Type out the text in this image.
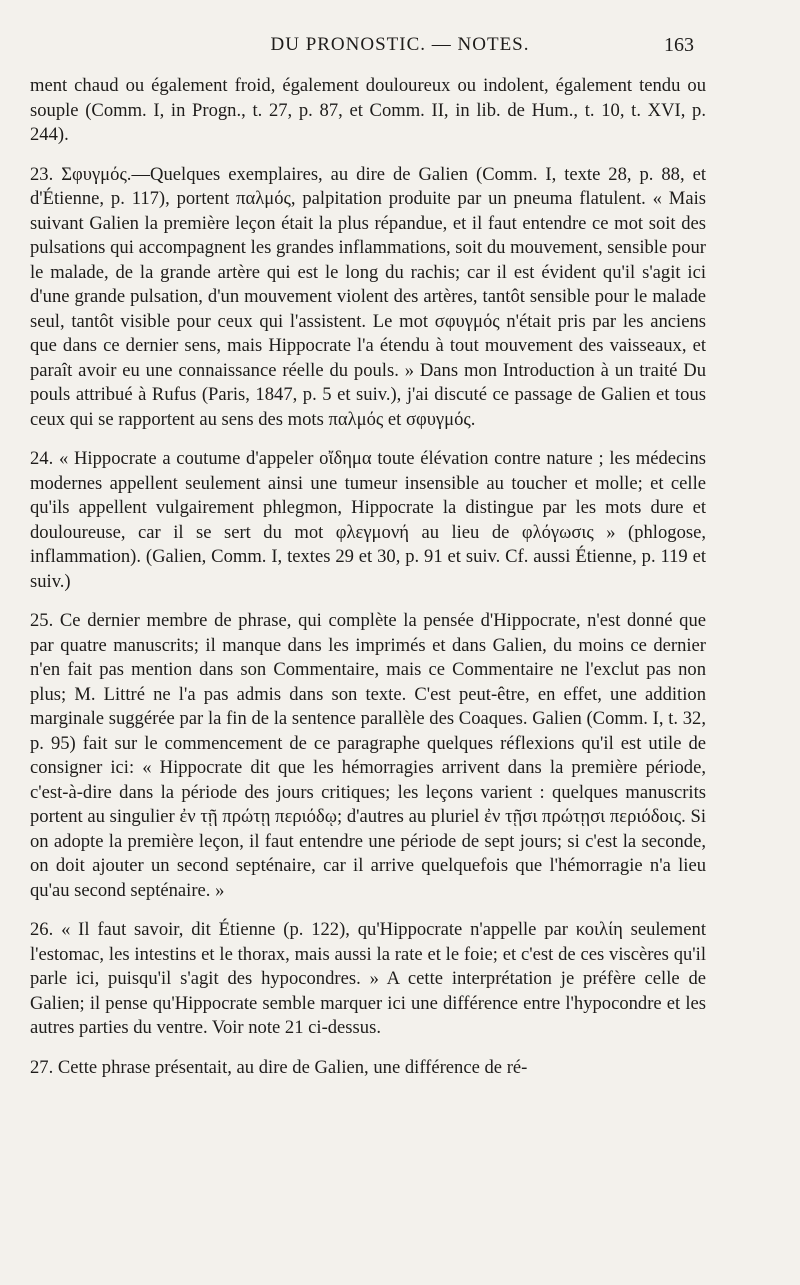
DU PRONOSTIC. — NOTES.	163

ment chaud ou également froid, également douloureux ou indolent, également tendu ou souple (Comm. I, in Progn., t. 27, p. 87, et Comm. II, in lib. de Hum., t. 10, t. XVI, p. 244).

23. Σφυγμός.—Quelques exemplaires, au dire de Galien (Comm. I, texte 28, p. 88, et d'Étienne, p. 117), portent παλμός, palpitation produite par un pneuma flatulent. « Mais suivant Galien la première leçon était la plus répandue, et il faut entendre ce mot soit des pulsations qui accompagnent les grandes inflammations, soit du mouvement, sensible pour le malade, de la grande artère qui est le long du rachis; car il est évident qu'il s'agit ici d'une grande pulsation, d'un mouvement violent des artères, tantôt sensible pour le malade seul, tantôt visible pour ceux qui l'assistent. Le mot σφυγμός n'était pris par les anciens que dans ce dernier sens, mais Hippocrate l'a étendu à tout mouvement des vaisseaux, et paraît avoir eu une connaissance réelle du pouls. » Dans mon Introduction à un traité Du pouls attribué à Rufus (Paris, 1847, p. 5 et suiv.), j'ai discuté ce passage de Galien et tous ceux qui se rapportent au sens des mots παλμός et σφυγμός.

24. « Hippocrate a coutume d'appeler οἴδημα toute élévation contre nature ; les médecins modernes appellent seulement ainsi une tumeur insensible au toucher et molle; et celle qu'ils appellent vulgairement phlegmon, Hippocrate la distingue par les mots dure et douloureuse, car il se sert du mot φλεγμονή au lieu de φλόγωσις » (phlogose, inflammation). (Galien, Comm. I, textes 29 et 30, p. 91 et suiv. Cf. aussi Étienne, p. 119 et suiv.)

25. Ce dernier membre de phrase, qui complète la pensée d'Hippocrate, n'est donné que par quatre manuscrits; il manque dans les imprimés et dans Galien, du moins ce dernier n'en fait pas mention dans son Commentaire, mais ce Commentaire ne l'exclut pas non plus; M. Littré ne l'a pas admis dans son texte. C'est peut-être, en effet, une addition marginale suggérée par la fin de la sentence parallèle des Coaques. Galien (Comm. I, t. 32, p. 95) fait sur le commencement de ce paragraphe quelques réflexions qu'il est utile de consigner ici: « Hippocrate dit que les hémorragies arrivent dans la première période, c'est-à-dire dans la période des jours critiques; les leçons varient : quelques manuscrits portent au singulier ἐν τῇ πρώτῃ περιόδῳ; d'autres au pluriel ἐν τῇσι πρώτῃσι περιόδοις. Si on adopte la première leçon, il faut entendre une période de sept jours; si c'est la seconde, on doit ajouter un second septénaire, car il arrive quelquefois que l'hémorragie n'a lieu qu'au second septénaire. »

26. « Il faut savoir, dit Étienne (p. 122), qu'Hippocrate n'appelle par κοιλίη seulement l'estomac, les intestins et le thorax, mais aussi la rate et le foie; et c'est de ces viscères qu'il parle ici, puisqu'il s'agit des hypocondres. » A cette interprétation je préfère celle de Galien; il pense qu'Hippocrate semble marquer ici une différence entre l'hypocondre et les autres parties du ventre. Voir note 21 ci-dessus.

27. Cette phrase présentait, au dire de Galien, une différence de ré-
